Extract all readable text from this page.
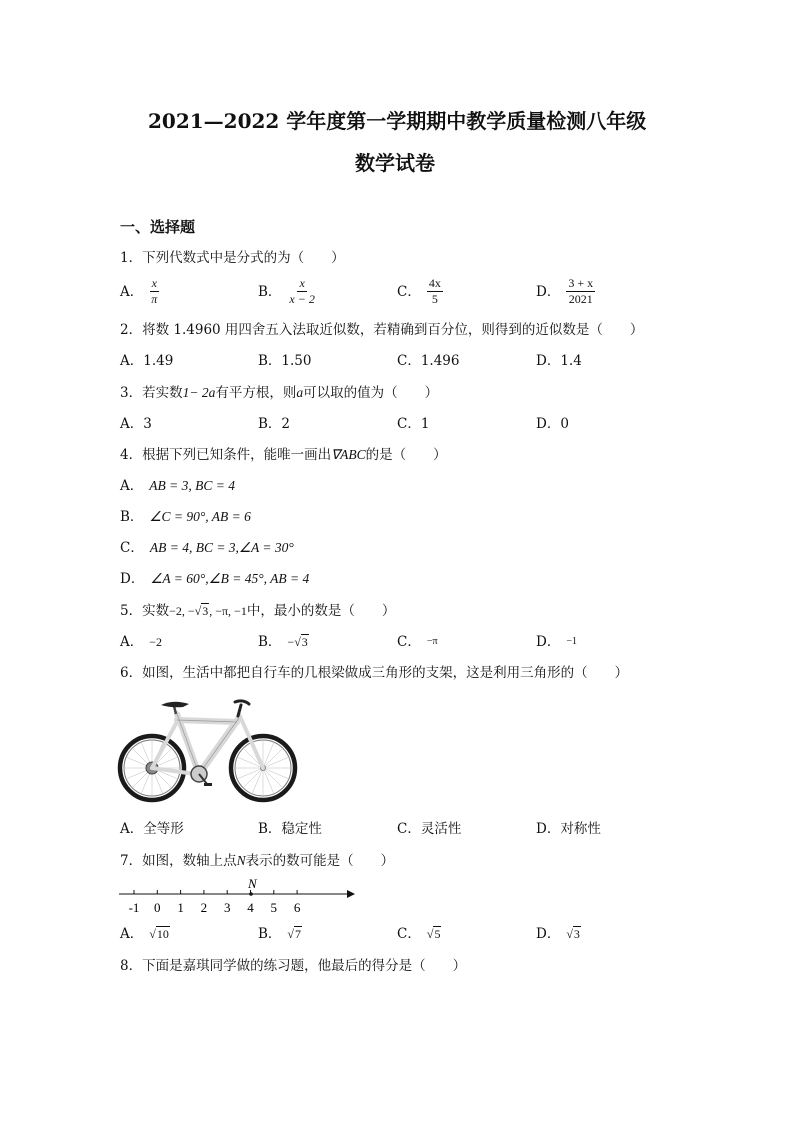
2021—2022 学年度第一学期期中教学质量检测八年级
数学试卷
一、选择题
1．下列代数式中是分式的为（　　）
A． $\frac{x}{\pi}$	B． $\frac{x}{x - 2}$	C． $\frac{4x}{5}$	D． $\frac{3 + x}{2021}$
2．将数 1.4960 用四舍五入法取近似数，若精确到百分位，则得到的近似数是（　　）
A．1.49	B．1.50	C．1.496	D．1.4
3．若实数1− 2a有平方根，则a可以取的值为（　　）
A．3	B．2	C．1	D．0
4．根据下列已知条件，能唯一画出∇ABC的是（　　）
A． AB = 3, BC = 4
B． ∠C = 90°, AB = 6
C． AB = 4, BC = 3,∠A = 30°
D． ∠A = 60°,∠B = 45°, AB = 4
5．实数−2, −√3, −π, −1中，最小的数是（　　）
A． −2	B． −√3	C． −π	D． −1
6．如图，生活中都把自行车的几根梁做成三角形的支架，这是利用三角形的（　　）
A．全等形	B．稳定性	C．灵活性	D．对称性
7．如图，数轴上点N表示的数可能是（　　）
-1 0 1 2 3 4 5 6
N
A． √10	B． √7	C． √5	D． √3
8．下面是嘉琪同学做的练习题，他最后的得分是（　　）
